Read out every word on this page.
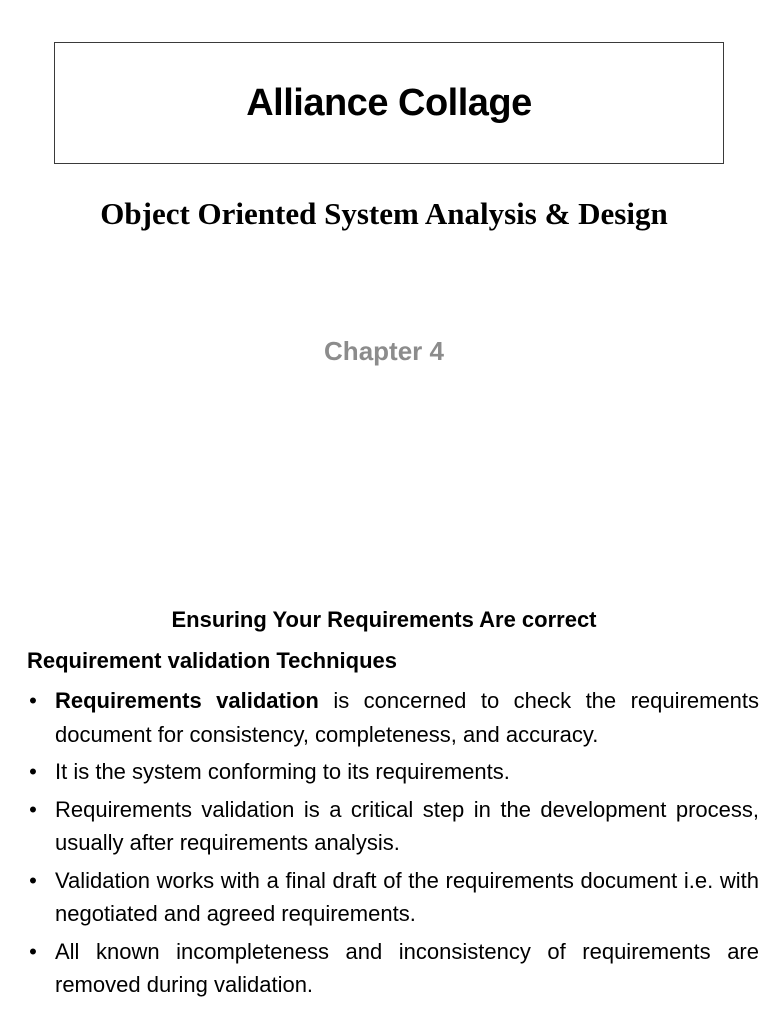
Alliance Collage
Object Oriented System Analysis & Design
Chapter 4
Ensuring Your Requirements Are correct
Requirement validation Techniques
• Requirements validation is concerned to check the requirements document for consistency, completeness, and accuracy.
• It is the system conforming to its requirements.
• Requirements validation is a critical step in the development process, usually after requirements analysis.
• Validation works with a final draft of the requirements document i.e. with negotiated and agreed requirements.
• All known incompleteness and inconsistency of requirements are removed during validation.
